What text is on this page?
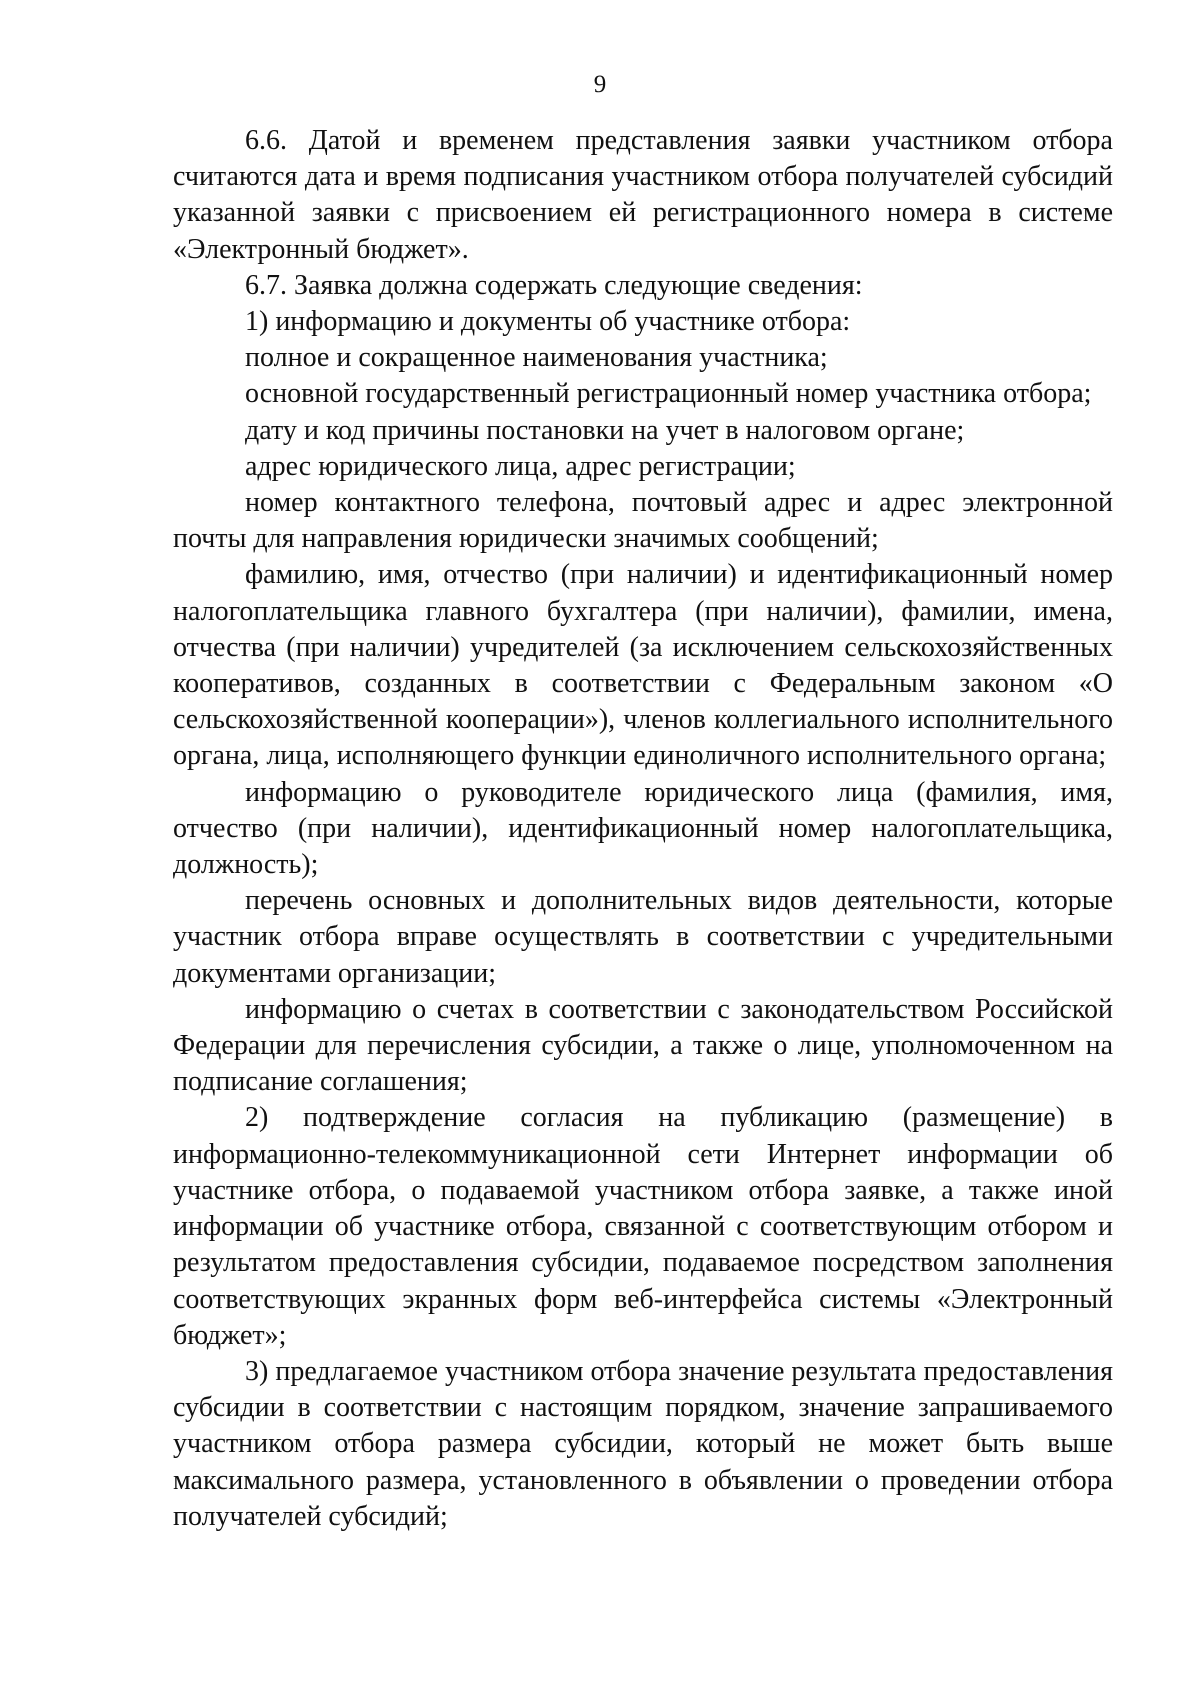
9

6.6. Датой и временем представления заявки участником отбора считаются дата и время подписания участником отбора получателей субсидий указанной заявки с присвоением ей регистрационного номера в системе «Электронный бюджет».

6.7. Заявка должна содержать следующие сведения:

1) информацию и документы об участнике отбора:

полное и сокращенное наименования участника;

основной государственный регистрационный номер участника отбора;

дату и код причины постановки на учет в налоговом органе;

адрес юридического лица, адрес регистрации;

номер контактного телефона, почтовый адрес и адрес электронной почты для направления юридически значимых сообщений;

фамилию, имя, отчество (при наличии) и идентификационный номер налогоплательщика главного бухгалтера (при наличии), фамилии, имена, отчества (при наличии) учредителей (за исключением сельскохозяйственных кооперативов, созданных в соответствии с Федеральным законом «О сельскохозяйственной кооперации»), членов коллегиального исполнительного органа, лица, исполняющего функции единоличного исполнительного органа;

информацию о руководителе юридического лица (фамилия, имя, отчество (при наличии), идентификационный номер налогоплательщика, должность);

перечень основных и дополнительных видов деятельности, которые участник отбора вправе осуществлять в соответствии с учредительными документами организации;

информацию о счетах в соответствии с законодательством Российской Федерации для перечисления субсидии, а также о лице, уполномоченном на подписание соглашения;

2) подтверждение согласия на публикацию (размещение) в информационно-телекоммуникационной сети Интернет информации об участнике отбора, о подаваемой участником отбора заявке, а также иной информации об участнике отбора, связанной с соответствующим отбором и результатом предоставления субсидии, подаваемое посредством заполнения соответствующих экранных форм веб-интерфейса системы «Электронный бюджет»;

3) предлагаемое участником отбора значение результата предоставления субсидии в соответствии с настоящим порядком, значение запрашиваемого участником отбора размера субсидии, который не может быть выше максимального размера, установленного в объявлении о проведении отбора получателей субсидий;
